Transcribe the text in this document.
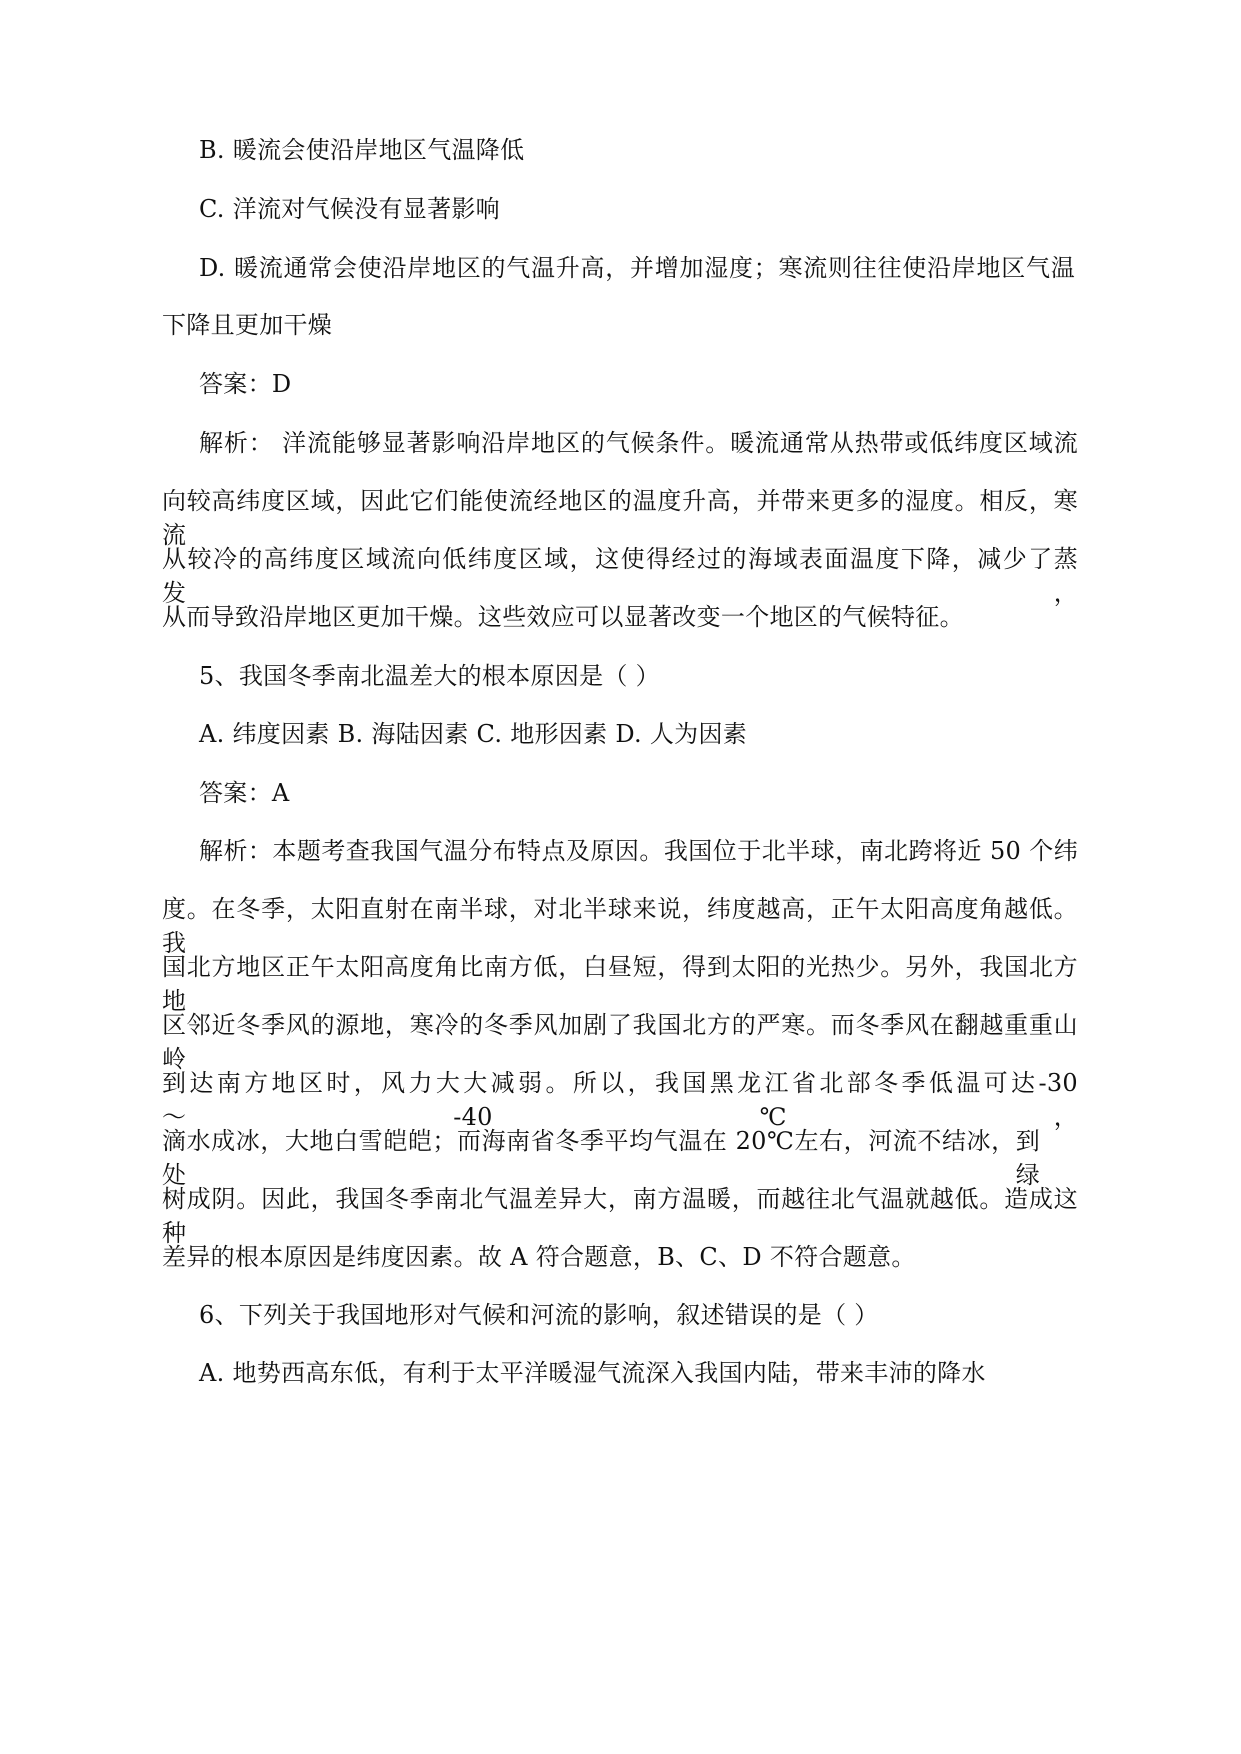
B. 暖流会使沿岸地区气温降低
C. 洋流对气候没有显著影响
D. 暖流通常会使沿岸地区的气温升高，并增加湿度；寒流则往往使沿岸地区气温
下降且更加干燥
答案：D
解析： 洋流能够显著影响沿岸地区的气候条件。暖流通常从热带或低纬度区域流
向较高纬度区域，因此它们能使流经地区的温度升高，并带来更多的湿度。相反，寒流
从较冷的高纬度区域流向低纬度区域，这使得经过的海域表面温度下降，减少了蒸发，
从而导致沿岸地区更加干燥。这些效应可以显著改变一个地区的气候特征。
5、我国冬季南北温差大的根本原因是（ ）
A. 纬度因素 B. 海陆因素 C. 地形因素 D. 人为因素
答案：A
解析：本题考查我国气温分布特点及原因。我国位于北半球，南北跨将近 50 个纬
度。在冬季，太阳直射在南半球，对北半球来说，纬度越高，正午太阳高度角越低。我
国北方地区正午太阳高度角比南方低，白昼短，得到太阳的光热少。另外，我国北方地
区邻近冬季风的源地，寒冷的冬季风加剧了我国北方的严寒。而冬季风在翻越重重山岭
到达南方地区时，风力大大减弱。所以，我国黑龙江省北部冬季低温可达-30～-40℃，
滴水成冰，大地白雪皑皑；而海南省冬季平均气温在 20℃左右，河流不结冰，到处绿
树成阴。因此，我国冬季南北气温差异大，南方温暖，而越往北气温就越低。造成这种
差异的根本原因是纬度因素。故 A 符合题意，B、C、D 不符合题意。
6、下列关于我国地形对气候和河流的影响，叙述错误的是（ ）
A. 地势西高东低，有利于太平洋暖湿气流深入我国内陆，带来丰沛的降水
